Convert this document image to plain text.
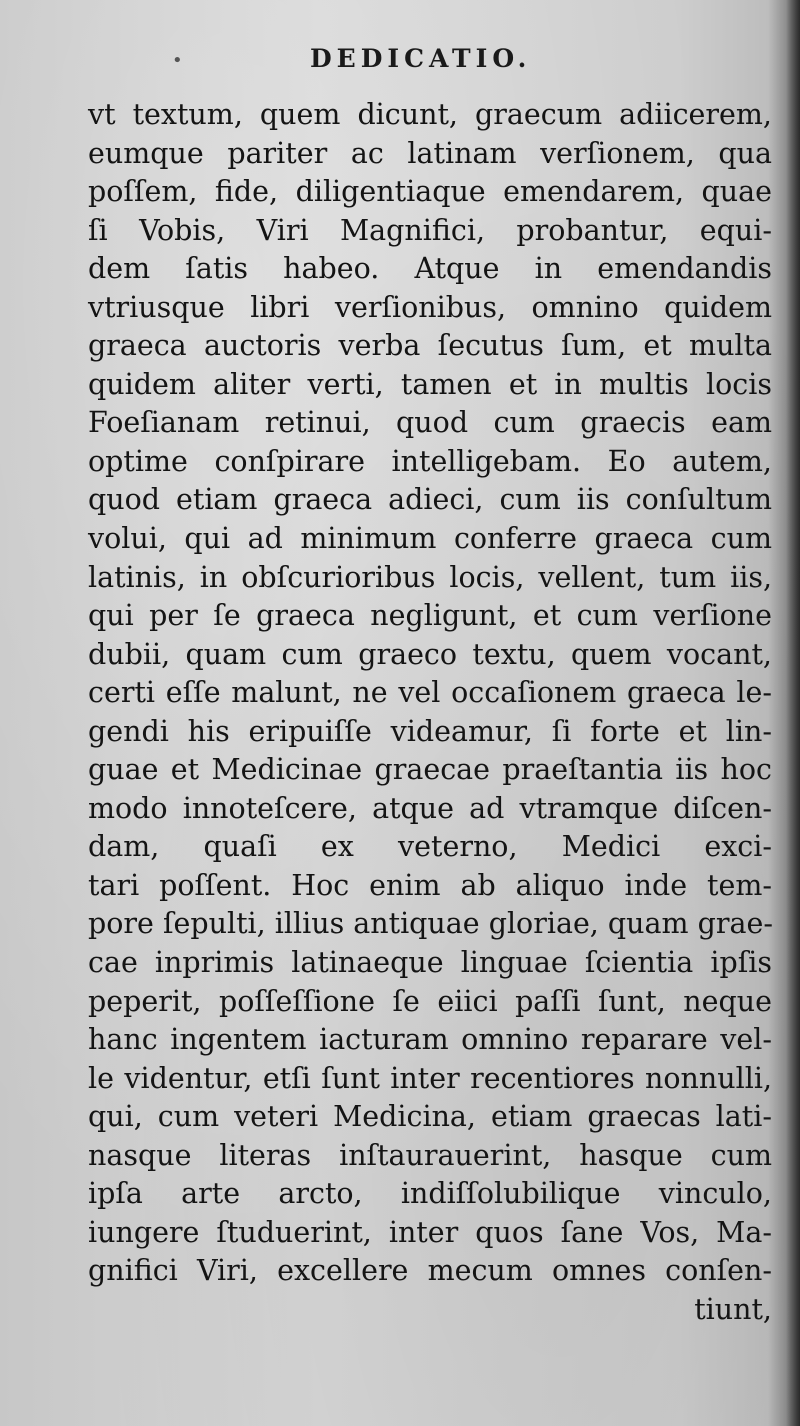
•	DEDICATIO.
vt textum, quem dicunt, graecum adiicerem,
eumque pariter ac latinam verſionem, qua
poſſem, fide, diligentiaque emendarem, quae
ſi Vobis, Viri Magnifici, probantur, equi-
dem ſatis habeo. Atque in emendandis
vtriusque libri verſionibus, omnino quidem
graeca auctoris verba ſecutus ſum, et multa
quidem aliter verti, tamen et in multis locis
Foeſianam retinui, quod cum graecis eam
optime conſpirare intelligebam. Eo autem,
quod etiam graeca adieci, cum iis conſultum
volui, qui ad minimum conferre graeca cum
latinis, in obſcurioribus locis, vellent, tum iis,
qui per ſe graeca negligunt, et cum verſione
dubii, quam cum graeco textu, quem vocant,
certi eſſe malunt, ne vel occaſionem graeca le-
gendi his eripuiſſe videamur, ſi forte et lin-
guae et Medicinae graecae praeſtantia iis hoc
modo innoteſcere, atque ad vtramque diſcen-
dam, quaſi ex veterno, Medici exci-
tari poſſent. Hoc enim ab aliquo inde tem-
pore ſepulti, illius antiquae gloriae, quam grae-
cae inprimis latinaeque linguae ſcientia ipſis
peperit, poſſeſſione ſe eiici paſſi ſunt, neque
hanc ingentem iacturam omnino reparare vel-
le videntur, etſi ſunt inter recentiores nonnulli,
qui, cum veteri Medicina, etiam graecas lati-
nasque literas inſtaurauerint, hasque cum
ipſa arte arcto, indiſſolubilique vinculo,
iungere ſtuduerint, inter quos ſane Vos, Ma-
gnifici Viri, excellere mecum omnes conſen-
tiunt,
